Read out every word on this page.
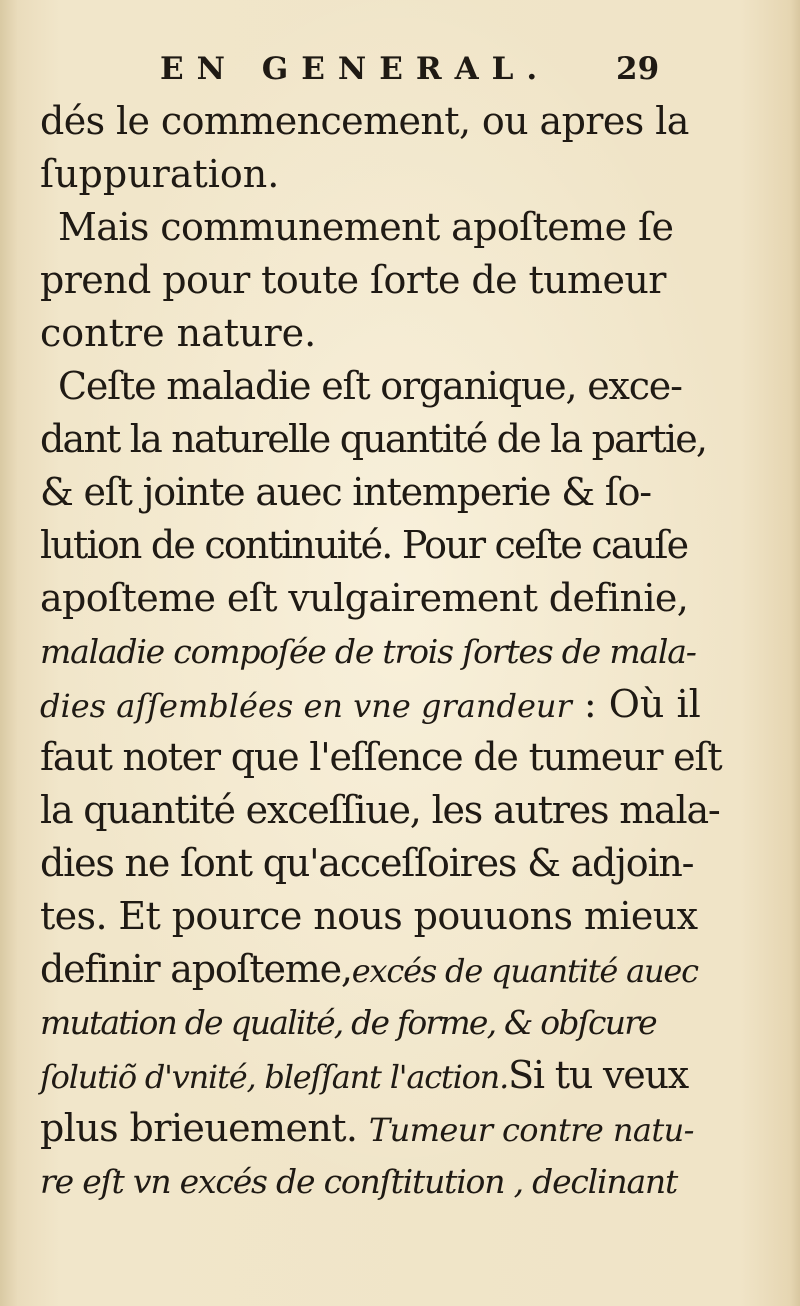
EN GENERAL. 29
dés le commencement, ou apres la
ſuppuration.
Mais communement apoſteme ſe
prend pour toute ſorte de tumeur
contre nature.
Ceſte maladie eſt organique, exce-
dant la naturelle quantité de la partie,
& eſt jointe auec intemperie & ſo-
lution de continuité. Pour ceſte cauſe
apoſteme eſt vulgairement definie,
maladie compoſée de trois ſortes de mala-
dies aſſemblées en vne grandeur : Où il
faut noter que l'eſſence de tumeur eſt
la quantité exceſſiue, les autres mala-
dies ne ſont qu'acceſſoires & adjoin-
tes. Et pource nous pouuons mieux
definir apoſteme,excés de quantité auec
mutation de qualité, de forme, & obſcure
ſolutiõ d'vnité, bleſſant l'action.Si tu veux
plus brieuement. Tumeur contre natu-
re eſt vn excés de conſtitution , declinant
